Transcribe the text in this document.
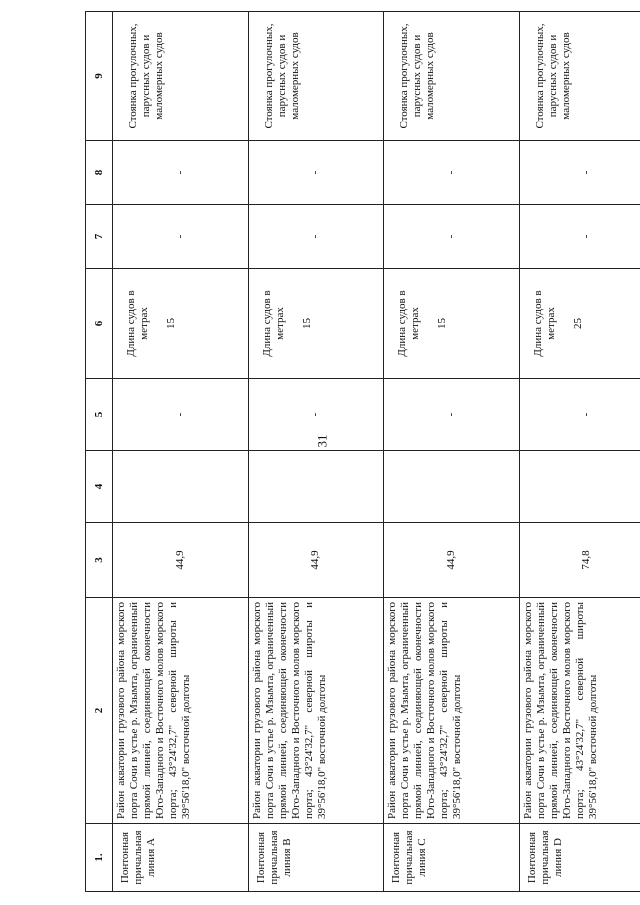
31
1.	2	3	4	5	6	7	8	9
Понтонная причальная линия А	Район акватории грузового района морского порта Сочи в устье р. Мзымта, ограниченный прямой линией, соединяющей оконечности Юго-Западного и Восточного молов морского порта; 43°24'32,7" северной широты и 39°56'18,0" восточной долготы	44,9		-	Длина судов в метрах 15	-	-	Стоянка прогулочных, парусных судов и маломерных судов
Понтонная причальная линия В	Район акватории грузового района морского порта Сочи в устье р. Мзымта, ограниченный прямой линией, соединяющей оконечности Юго-Западного и Восточного молов морского порта; 43°24'32,7" северной широты и 39°56'18,0" восточной долготы	44,9		-	Длина судов в метрах 15	-	-	Стоянка прогулочных, парусных судов и маломерных судов
Понтонная причальная линия С	Район акватории грузового района морского порта Сочи в устье р. Мзымта, ограниченный прямой линией, соединяющей оконечности Юго-Западного и Восточного молов морского порта; 43°24'32,7" северной широты и 39°56'18,0" восточной долготы	44,9		-	Длина судов в метрах 15	-	-	Стоянка прогулочных, парусных судов и маломерных судов
Понтонная причальная линия D	Район акватории грузового района морского порта Сочи в устье р. Мзымта, ограниченный прямой линией, соединяющей оконечности Юго-Западного и Восточного молов морского порта; 43°24'32,7" северной широты 39°56'18,0" восточной долготы	74,8		-	Длина судов в метрах 25	-	-	Стоянка прогулочных, парусных судов и маломерных судов
